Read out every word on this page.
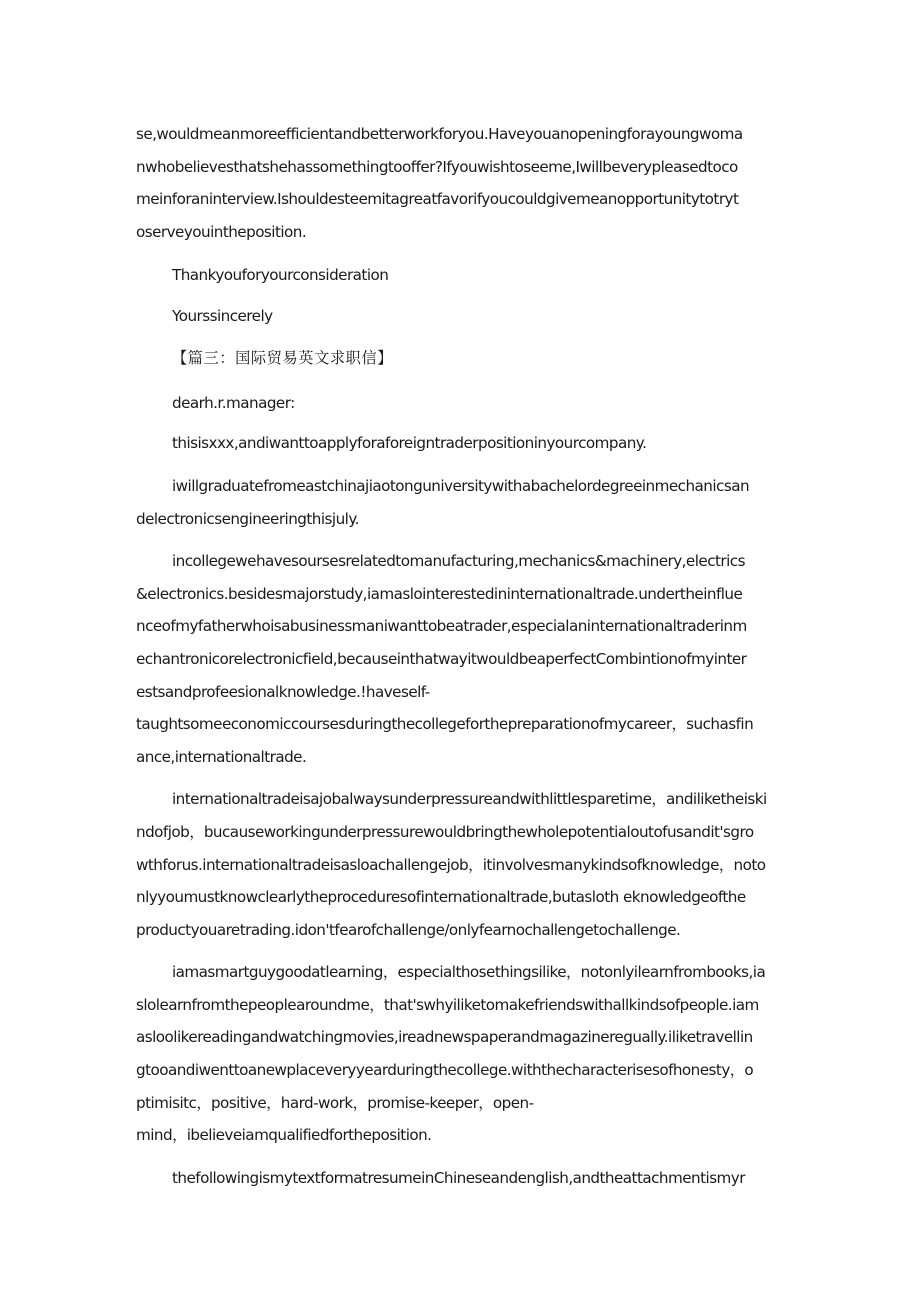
se,wouldmeanmoreefficientandbetterworkforyou.Haveyouanopeningforayoungwoma
nwhobelievesthatshehassomethingtooffer?Ifyouwishtoseeme,Iwillbeverypleasedtoco
meinforaninterview.Ishouldesteemitagreatfavorifyoucouldgivemeanopportunitytotryt
oserveyouintheposition.
Thankyouforyourconsideration
Yourssincerely
【篇三：国际贸易英文求职信】
dearh.r.manager:
thisisxxx,andiwanttoapplyforaforeigntraderpositioninyourcompany.
iwillgraduatefromeastchinajiaotonguniversitywithabachelordegreeinmechanicsan
delectronicsengineeringthisjuly.
incollegewehavesoursesrelatedtomanufacturing,mechanics&machinery,electrics
&electronics.besidesmajorstudy,iamaslointerestedininternationaltrade.undertheinflue
nceofmyfatherwhoisabusinessmaniwanttobeatrader,especialaninternationaltraderinm
echantronicorelectronicfield,becauseinthatwayitwouldbeaperfectCombintionofmyinter
estsandprofeesionalknowledge.!haveself-
taughtsomeeconomiccoursesduringthecollegeforthepreparationofmycareer，suchasfin
ance,internationaltrade.
internationaltradeisajobalwaysunderpressureandwithlittlesparetime，andiliketheiski
ndofjob，bucauseworkingunderpressurewouldbringthewholepotentialoutofusandit'sgro
wthforus.internationaltradeisasloachallengejob，itinvolvesmanykindsofknowledge，noto
nlyyoumustknowclearlytheproceduresofinternationaltrade,butasloth eknowledgeofthe
productyouaretrading.idon'tfearofchallenge/onlyfearnochallengetochallenge.
iamasmartguygoodatlearning，especialthosethingsilike，notonlyilearnfrombooks,ia
slolearnfromthepeoplearoundme，that'swhyiliketomakefriendswithallkindsofpeople.iam
asloolikereadingandwatchingmovies,ireadnewspaperandmagazineregually.iliketravellin
gtooandiwenttoanewplaceveryyearduringthecollege.withthecharacterisesofhonesty，o
ptimisitc，positive，hard-work，promise-keeper，open-
mind，ibelieveiamqualifiedfortheposition.
thefollowingismytextformatresumeinChineseandenglish,andtheattachmentismyr
